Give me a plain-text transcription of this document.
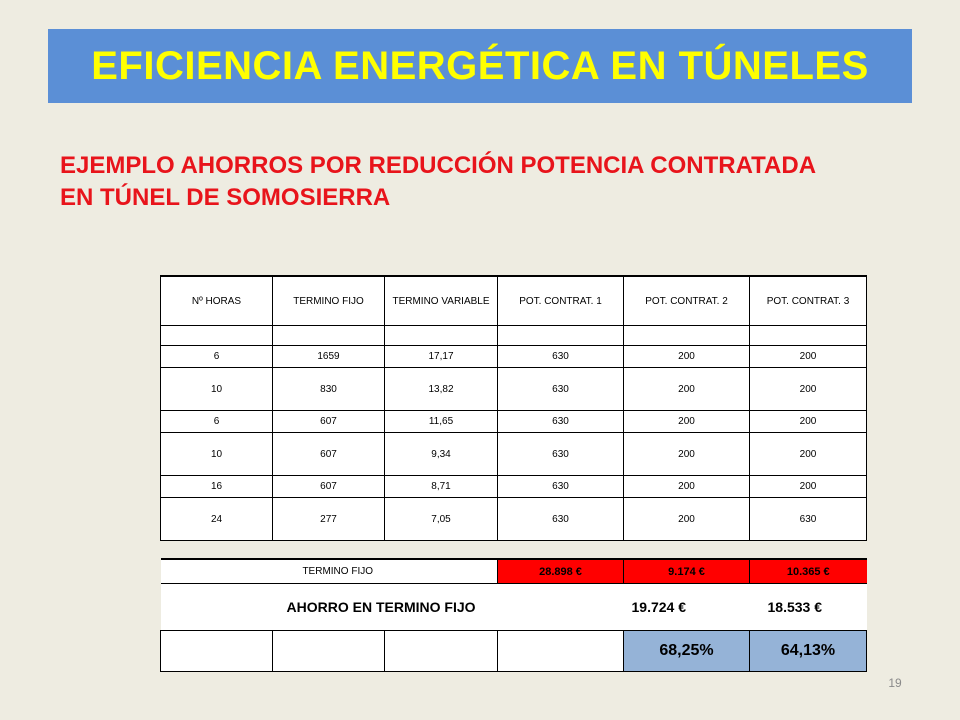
EFICIENCIA ENERGÉTICA EN TÚNELES
EJEMPLO AHORROS POR REDUCCIÓN POTENCIA CONTRATADA
EN TÚNEL DE SOMOSIERRA
Nº HORAS	TERMINO FIJO	TERMINO VARIABLE	POT. CONTRAT. 1	POT. CONTRAT. 2	POT. CONTRAT. 3

6	1659	17,17	630	200	200
10	830	13,82	630	200	200
6	607	11,65	630	200	200
10	607	9,34	630	200	200
16	607	8,71	630	200	200
24	277	7,05	630	200	630
TERMINO FIJO			28.898 €	9.174 €	10.365 €
AHORRO EN TERMINO FIJO				19.724 €	18.533 €
				68,25%	64,13%
19
